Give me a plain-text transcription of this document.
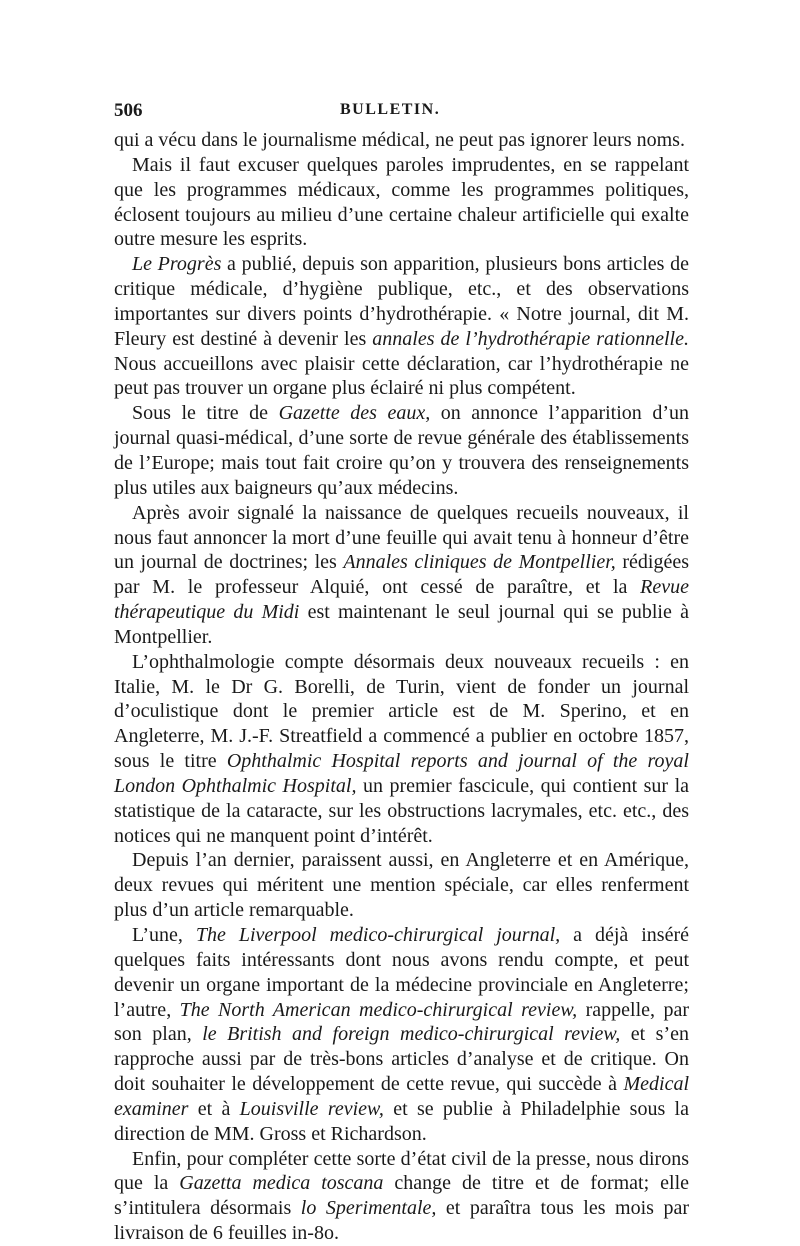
506	BULLETIN.

qui a vécu dans le journalisme médical, ne peut pas ignorer leurs noms.

Mais il faut excuser quelques paroles imprudentes, en se rappelant que les programmes médicaux, comme les programmes politiques, éclosent toujours au milieu d’une certaine chaleur artificielle qui exalte outre mesure les esprits.

Le Progrès a publié, depuis son apparition, plusieurs bons articles de critique médicale, d’hygiène publique, etc., et des observations importantes sur divers points d’hydrothérapie. « Notre journal, dit M. Fleury est destiné à devenir les annales de l’hydrothérapie rationnelle. Nous accueillons avec plaisir cette déclaration, car l’hydrothérapie ne peut pas trouver un organe plus éclairé ni plus compétent.

Sous le titre de Gazette des eaux, on annonce l’apparition d’un journal quasi-médical, d’une sorte de revue générale des établissements de l’Europe; mais tout fait croire qu’on y trouvera des renseignements plus utiles aux baigneurs qu’aux médecins.

Après avoir signalé la naissance de quelques recueils nouveaux, il nous faut annoncer la mort d’une feuille qui avait tenu à honneur d’être un journal de doctrines; les Annales cliniques de Montpellier, rédigées par M. le professeur Alquié, ont cessé de paraître, et la Revue thérapeutique du Midi est maintenant le seul journal qui se publie à Montpellier.

L’ophthalmologie compte désormais deux nouveaux recueils : en Italie, M. le Dr G. Borelli, de Turin, vient de fonder un journal d’oculistique dont le premier article est de M. Sperino, et en Angleterre, M. J.-F. Streatfield a commencé a publier en octobre 1857, sous le titre Ophthalmic Hospital reports and journal of the royal London Ophthalmic Hospital, un premier fascicule, qui contient sur la statistique de la cataracte, sur les obstructions lacrymales, etc. etc., des notices qui ne manquent point d’intérêt.

Depuis l’an dernier, paraissent aussi, en Angleterre et en Amérique, deux revues qui méritent une mention spéciale, car elles renferment plus d’un article remarquable.

L’une, The Liverpool medico-chirurgical journal, a déjà inséré quelques faits intéressants dont nous avons rendu compte, et peut devenir un organe important de la médecine provinciale en Angleterre; l’autre, The North American medico-chirurgical review, rappelle, par son plan, le British and foreign medico-chirurgical review, et s’en rapproche aussi par de très-bons articles d’analyse et de critique. On doit souhaiter le développement de cette revue, qui succède à Medical examiner et à Louisville review, et se publie à Philadelphie sous la direction de MM. Gross et Richardson.

Enfin, pour compléter cette sorte d’état civil de la presse, nous dirons que la Gazetta medica toscana change de titre et de format; elle s’intitulera désormais lo Sperimentale, et paraîtra tous les mois par livraison de 6 feuilles in-8o.
